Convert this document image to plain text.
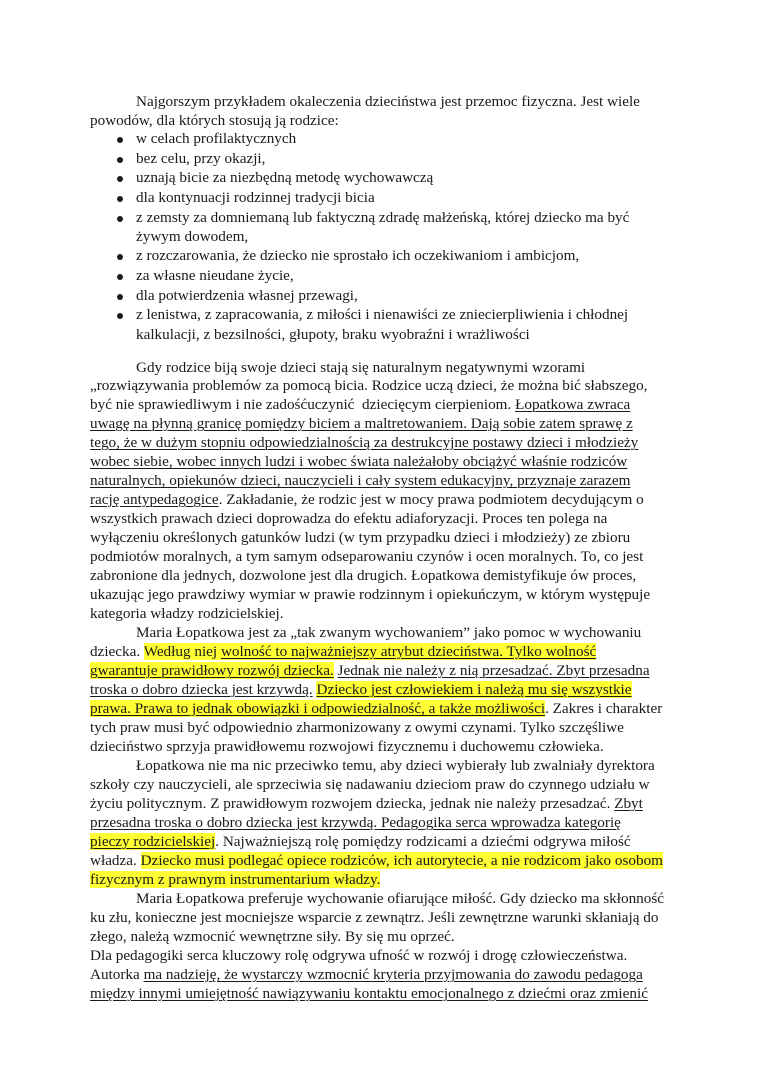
Najgorszym przykładem okaleczenia dzieciństwa jest przemoc fizyczna. Jest wiele
powodów, dla których stosują ją rodzice:
w celach profilaktycznych
bez celu, przy okazji,
uznają bicie za niezbędną metodę wychowawczą
dla kontynuacji rodzinnej tradycji bicia
z zemsty za domniemaną lub faktyczną zdradę małżeńską, której dziecko ma być
żywym dowodem,
z rozczarowania, że dziecko nie sprostało ich oczekiwaniom i ambicjom,
za własne nieudane życie,
dla potwierdzenia własnej przewagi,
z lenistwa, z zapracowania, z miłości i nienawiści ze zniecierpliwienia i chłodnej
kalkulacji, z bezsilności, głupoty, braku wyobraźni i wrażliwości
Gdy rodzice biją swoje dzieci stają się naturalnym negatywnymi wzorami
„rozwiązywania problemów za pomocą bicia. Rodzice uczą dzieci, że można bić słabszego,
być nie sprawiedliwym i nie zadośćuczynić  dziecięcym cierpieniom. Łopatkowa zwraca
uwagę na płynną granicę pomiędzy biciem a maltretowaniem. Dają sobie zatem sprawę z
tego, że w dużym stopniu odpowiedzialnością za destrukcyjne postawy dzieci i młodzieży
wobec siebie, wobec innych ludzi i wobec świata należałoby obciążyć właśnie rodziców
naturalnych, opiekunów dzieci, nauczycieli i cały system edukacyjny, przyznaje zarazem
rację antypedagogice. Zakładanie, że rodzic jest w mocy prawa podmiotem decydującym o
wszystkich prawach dzieci doprowadza do efektu adiaforyzacji. Proces ten polega na
wyłączeniu określonych gatunków ludzi (w tym przypadku dzieci i młodzieży) ze zbioru
podmiotów moralnych, a tym samym odseparowaniu czynów i ocen moralnych. To, co jest
zabronione dla jednych, dozwolone jest dla drugich. Łopatkowa demistyfikuje ów proces,
ukazując jego prawdziwy wymiar w prawie rodzinnym i opiekuńczym, w którym występuje
kategoria władzy rodzicielskiej.
Maria Łopatkowa jest za „tak zwanym wychowaniem” jako pomoc w wychowaniu
dziecka. Według niej wolność to najważniejszy atrybut dzieciństwa. Tylko wolność
gwarantuje prawidłowy rozwój dziecka. Jednak nie należy z nią przesadzać. Zbyt przesadna
troska o dobro dziecka jest krzywdą. Dziecko jest człowiekiem i należą mu się wszystkie
prawa. Prawa to jednak obowiązki i odpowiedzialność, a także możliwości. Zakres i charakter
tych praw musi być odpowiednio zharmonizowany z owymi czynami. Tylko szczęśliwe
dzieciństwo sprzyja prawidłowemu rozwojowi fizycznemu i duchowemu człowieka.
Łopatkowa nie ma nic przeciwko temu, aby dzieci wybierały lub zwalniały dyrektora
szkoły czy nauczycieli, ale sprzeciwia się nadawaniu dzieciom praw do czynnego udziału w
życiu politycznym. Z prawidłowym rozwojem dziecka, jednak nie należy przesadzać. Zbyt
przesadna troska o dobro dziecka jest krzywdą. Pedagogika serca wprowadza kategorię
pieczy rodzicielskiej. Najważniejszą rolę pomiędzy rodzicami a dziećmi odgrywa miłość
władza. Dziecko musi podlegać opiece rodziców, ich autorytecie, a nie rodzicom jako osobom
fizycznym z prawnym instrumentarium władzy.
Maria Łopatkowa preferuje wychowanie ofiarujące miłość. Gdy dziecko ma skłonność
ku złu, konieczne jest mocniejsze wsparcie z zewnątrz. Jeśli zewnętrzne warunki skłaniają do
złego, należą wzmocnić wewnętrzne siły. By się mu oprzeć.
Dla pedagogiki serca kluczowy rolę odgrywa ufność w rozwój i drogę człowieczeństwa.
Autorka ma nadzieję, że wystarczy wzmocnić kryteria przyjmowania do zawodu pedagoga
między innymi umiejętność nawiązywaniu kontaktu emocjonalnego z dziećmi oraz zmienić
